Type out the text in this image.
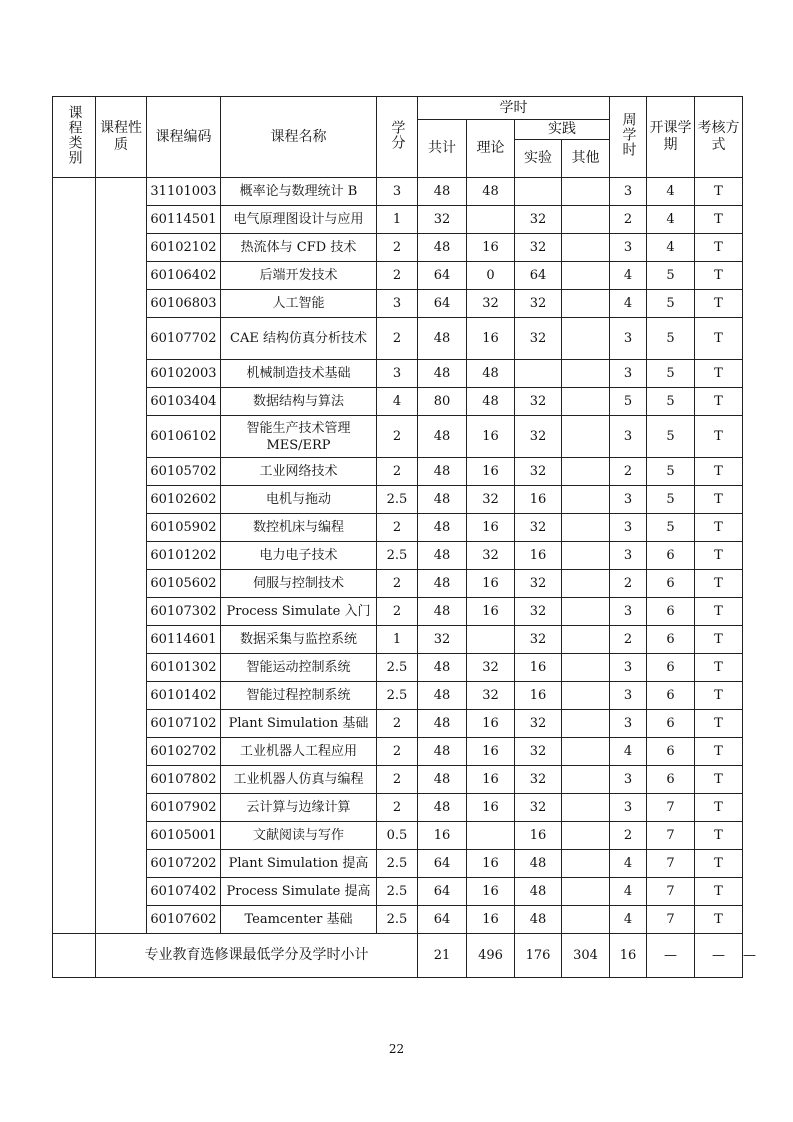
课程类别	课程性质	课程编码	课程名称	学分	学时				周学时	开课学期	考核方式	
					共计	理论	实践					
							实验	其他				
		31101003	概率论与数理统计 B	3	48	48			3	4	T	
		60114501	电气原理图设计与应用	1	32		32		2	4	T	
		60102102	热流体与 CFD 技术	2	48	16	32		3	4	T	
		60106402	后端开发技术	2	64	0	64		4	5	T	
		60106803	人工智能	3	64	32	32		4	5	T	
		60107702	CAE 结构仿真分析技术	2	48	16	32		3	5	T	
		60102003	机械制造技术基础	3	48	48			3	5	T	
		60103404	数据结构与算法	4	80	48	32		5	5	T	
		60106102	智能生产技术管理 MES/ERP	2	48	16	32		3	5	T	
		60105702	工业网络技术	2	48	16	32		2	5	T	
		60102602	电机与拖动	2.5	48	32	16		3	5	T	
		60105902	数控机床与编程	2	48	16	32		3	5	T	
		60101202	电力电子技术	2.5	48	32	16		3	6	T	
		60105602	伺服与控制技术	2	48	16	32		2	6	T	
		60107302	Process Simulate 入门	2	48	16	32		3	6	T	
		60114601	数据采集与监控系统	1	32		32		2	6	T	
		60101302	智能运动控制系统	2.5	48	32	16		3	6	T	
		60101402	智能过程控制系统	2.5	48	32	16		3	6	T	
		60107102	Plant Simulation 基础	2	48	16	32		3	6	T	
		60102702	工业机器人工程应用	2	48	16	32		4	6	T	
		60107802	工业机器人仿真与编程	2	48	16	32		3	6	T	
		60107902	云计算与边缘计算	2	48	16	32		3	7	T	
		60105001	文献阅读与写作	0.5	16		16		2	7	T	
		60107202	Plant Simulation 提高	2.5	64	16	48		4	7	T	
		60107402	Process Simulate 提高	2.5	64	16	48		4	7	T	
		60107602	Teamcenter 基础	2.5	64	16	48		4	7	T	
	专业教育选修课最低学分及学时小计				21	496	176	304	16	—	—	—
22
